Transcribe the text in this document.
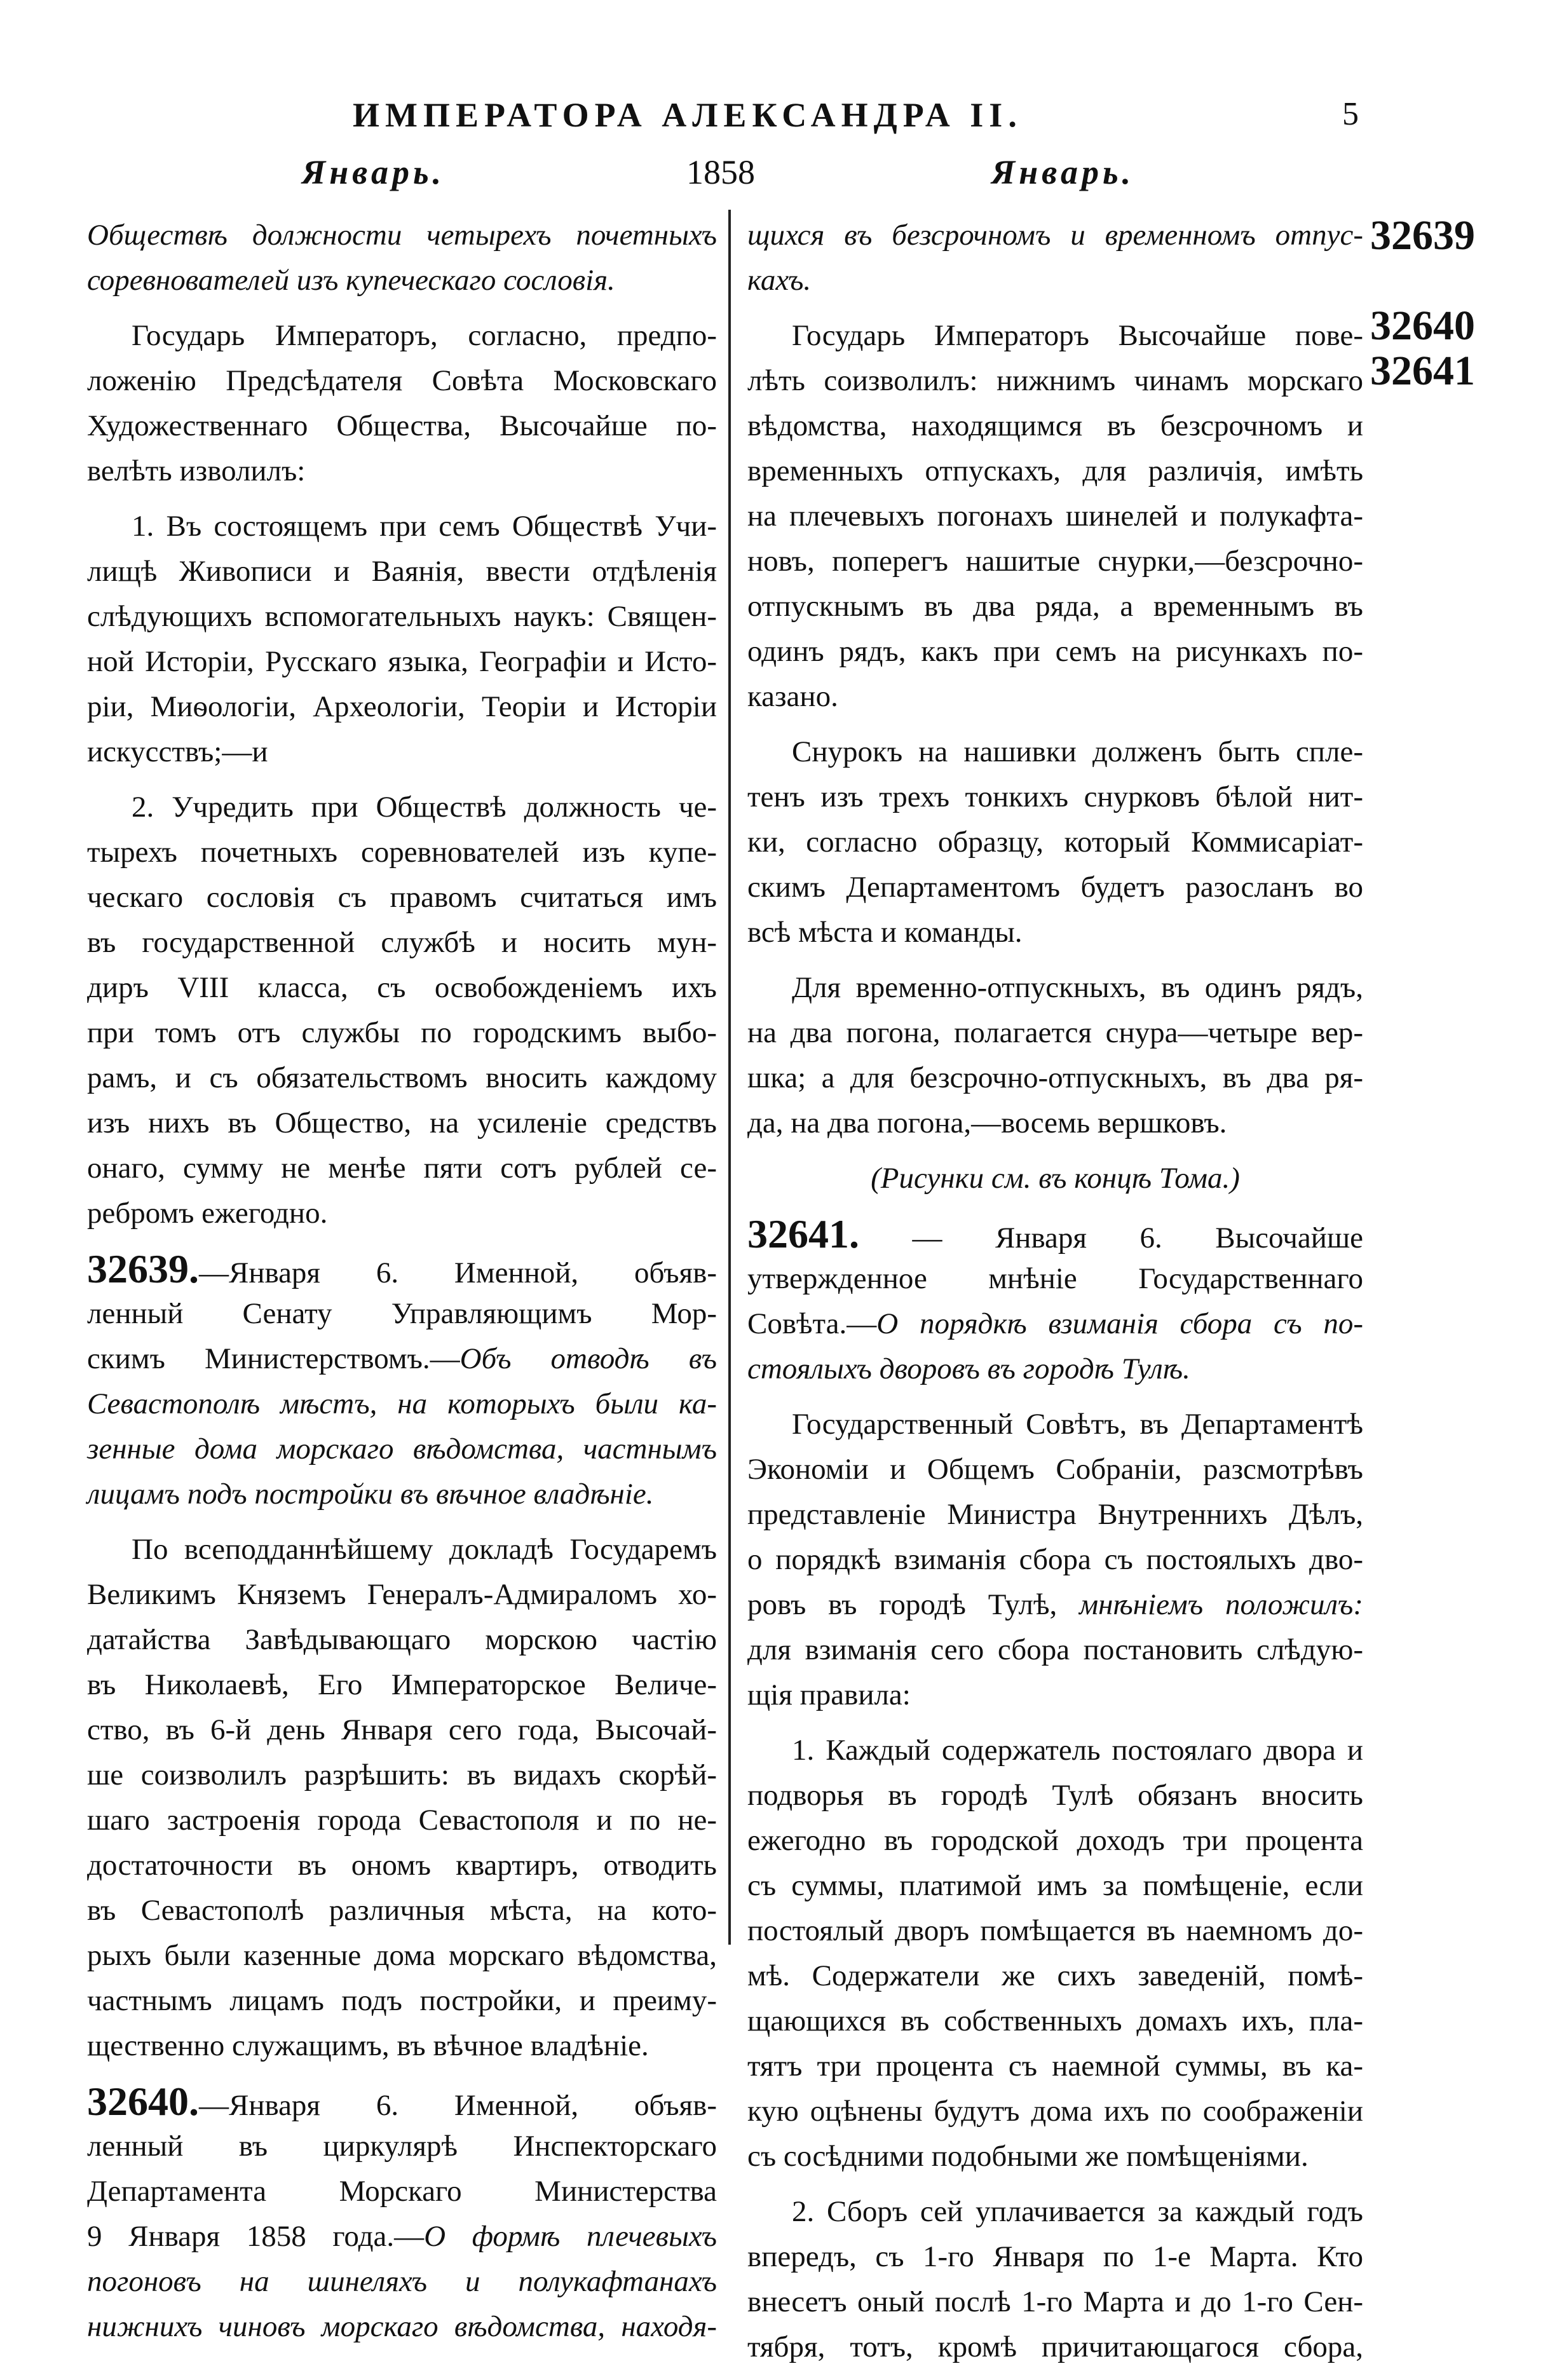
ИМПЕРАТОРА АЛЕКСАНДРА II.	5
Январь.	1858	Январь.
Обществѣ должности четырехъ почетныхъ
соревнователей изъ купеческаго сословія.
Государь Императоръ, согласно, предпо-
ложенію Предсѣдателя Совѣта Московскаго
Художественнаго Общества, Высочайше по-
велѣть изволилъ:
1. Въ состоящемъ при семъ Обществѣ Учи-
лищѣ Живописи и Ваянія, ввести отдѣленія
слѣдующихъ вспомогательныхъ наукъ: Священ-
ной Исторіи, Русскаго языка, Географіи и Исто-
ріи, Миѳологіи, Археологіи, Теоріи и Исторіи
искусствъ;—и
2. Учредить при Обществѣ должность че-
тырехъ почетныхъ соревнователей изъ купе-
ческаго сословія съ правомъ считаться имъ
въ государственной службѣ и носить мун-
диръ VIII класса, съ освобожденіемъ ихъ
при томъ отъ службы по городскимъ выбо-
рамъ, и съ обязательствомъ вносить каждому
изъ нихъ въ Общество, на усиленіе средствъ
онаго, сумму не менѣе пяти сотъ рублей се-
ребромъ ежегодно.
32639.—Января 6. Именной, объяв-
ленный Сенату Управляющимъ Мор-
скимъ Министерствомъ.—Объ отводѣ въ
Севастополѣ мѣстъ, на которыхъ были ка-
зенные дома морскаго вѣдомства, частнымъ
лицамъ подъ постройки въ вѣчное владѣніе.
По всеподданнѣйшему докладѣ Государемъ
Великимъ Княземъ Генералъ-Адмираломъ хо-
датайства Завѣдывающаго морскою частію
въ Николаевѣ, Его Императорское Величе-
ство, въ 6-й день Января сего года, Высочай-
ше соизволилъ разрѣшить: въ видахъ скорѣй-
шаго застроенія города Севастополя и по не-
достаточности въ ономъ квартиръ, отводить
въ Севастополѣ различныя мѣста, на кото-
рыхъ были казенные дома морскаго вѣдомства,
частнымъ лицамъ подъ постройки, и преиму-
щественно служащимъ, въ вѣчное владѣніе.
32640.—Января 6. Именной, объяв-
ленный въ циркулярѣ Инспекторскаго
Департамента Морскаго Министерства
9 Января 1858 года.—О формѣ плечевыхъ
погоновъ на шинеляхъ и полукафтанахъ
нижнихъ чиновъ морскаго вѣдомства, находя-
щихся въ безсрочномъ и временномъ отпус-
кахъ.
Государь Императоръ Высочайше пове-
лѣть соизволилъ: нижнимъ чинамъ морскаго
вѣдомства, находящимся въ безсрочномъ и
временныхъ отпускахъ, для различія, имѣть
на плечевыхъ погонахъ шинелей и полукафта-
новъ, поперегъ нашитые снурки,—безсрочно-
отпускнымъ въ два ряда, а временнымъ въ
одинъ рядъ, какъ при семъ на рисункахъ по-
казано.
Снурокъ на нашивки долженъ быть спле-
тенъ изъ трехъ тонкихъ снурковъ бѣлой нит-
ки, согласно образцу, который Коммисаріат-
скимъ Департаментомъ будетъ разосланъ во
всѣ мѣста и команды.
Для временно-отпускныхъ, въ одинъ рядъ,
на два погона, полагается снура—четыре вер-
шка; а для безсрочно-отпускныхъ, въ два ря-
да, на два погона,—восемь вершковъ.
(Рисунки см. въ концѣ Тома.)
32641. — Января 6. Высочайше
утвержденное мнѣніе Государственнаго
Совѣта.—О порядкѣ взиманія сбора съ по-
стоялыхъ дворовъ въ городѣ Тулѣ.
Государственный Совѣтъ, въ Департаментѣ
Экономіи и Общемъ Собраніи, разсмотрѣвъ
представленіе Министра Внутреннихъ Дѣлъ,
о порядкѣ взиманія сбора съ постоялыхъ дво-
ровъ въ городѣ Тулѣ, мнѣніемъ положилъ:
для взиманія сего сбора постановить слѣдую-
щія правила:
1. Каждый содержатель постоялаго двора и
подворья въ городѣ Тулѣ обязанъ вносить
ежегодно въ городской доходъ три процента
съ суммы, платимой имъ за помѣщеніе, если
постоялый дворъ помѣщается въ наемномъ до-
мѣ. Содержатели же сихъ заведеній, помѣ-
щающихся въ собственныхъ домахъ ихъ, пла-
тятъ три процента съ наемной суммы, въ ка-
кую оцѣнены будутъ дома ихъ по соображеніи
съ сосѣдними подобными же помѣщеніями.
2. Сборъ сей уплачивается за каждый годъ
впередъ, съ 1-го Января по 1-е Марта. Кто
внесетъ оный послѣ 1-го Марта и до 1-го Сен-
тября, тотъ, кромѣ причитающагося сбора,
32639
32640
32641
